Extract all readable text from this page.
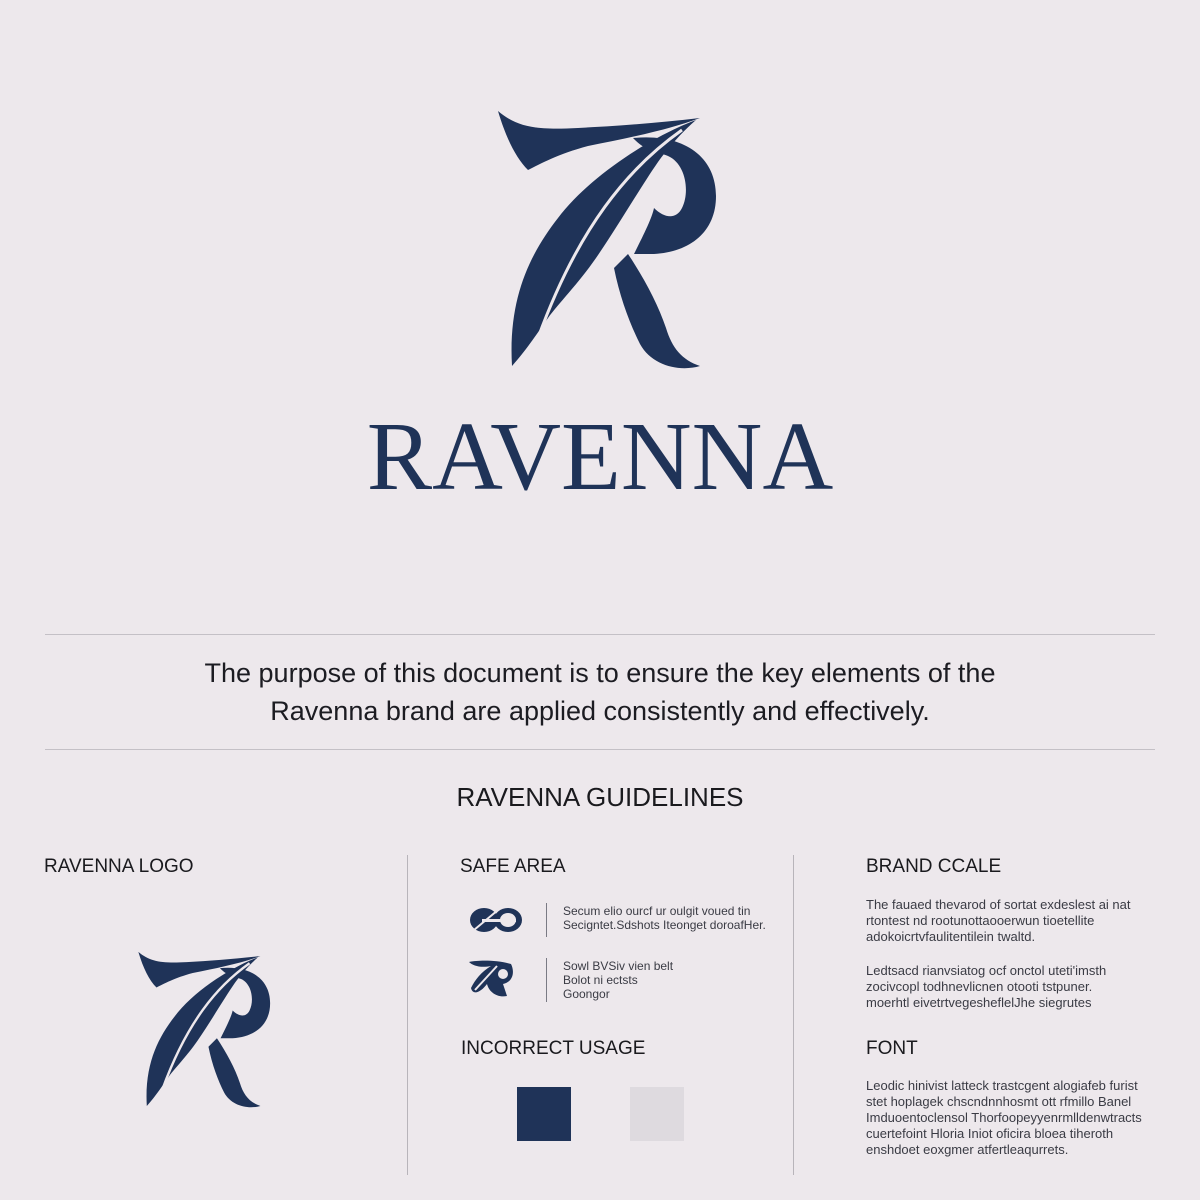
RAVENNA
The purpose of this document is to ensure the key elements of the
Ravenna brand are applied consistently and effectively.
RAVENNA GUIDELINES
RAVENNA LOGO	SAFE AREA
Secum elio ourcf ur oulgit voued tin
Secigntet.Sdshots Iteonget doroafHer.
Sowl BVSiv vien belt
Bolot ni ectsts
Goongor
INCORRECT USAGE
BRAND CCALE
The fauaed thevarod of sortat exdeslest ai nat
rtontest nd rootunottaooerwun tioetellite
adokoicrtvfaulitentilein twaltd.
Ledtsacd rianvsiatog ocf onctol uteti'imsth
zocivcopl todhnevlicnen otooti tstpuner.
moerhtl eivetrtvegesheflelJhe siegrutes
FONT
Leodic hinivist latteck trastcgent alogiafeb furist
stet hoplagek chscndnnhosmt ott rfmillo Banel
Imduoentoclensol Thorfoopeyyenrmlldenwtracts
cuertefoint Hloria Iniot oficira bloea tiheroth
enshdoet eoxgmer atfertleaqurrets.
